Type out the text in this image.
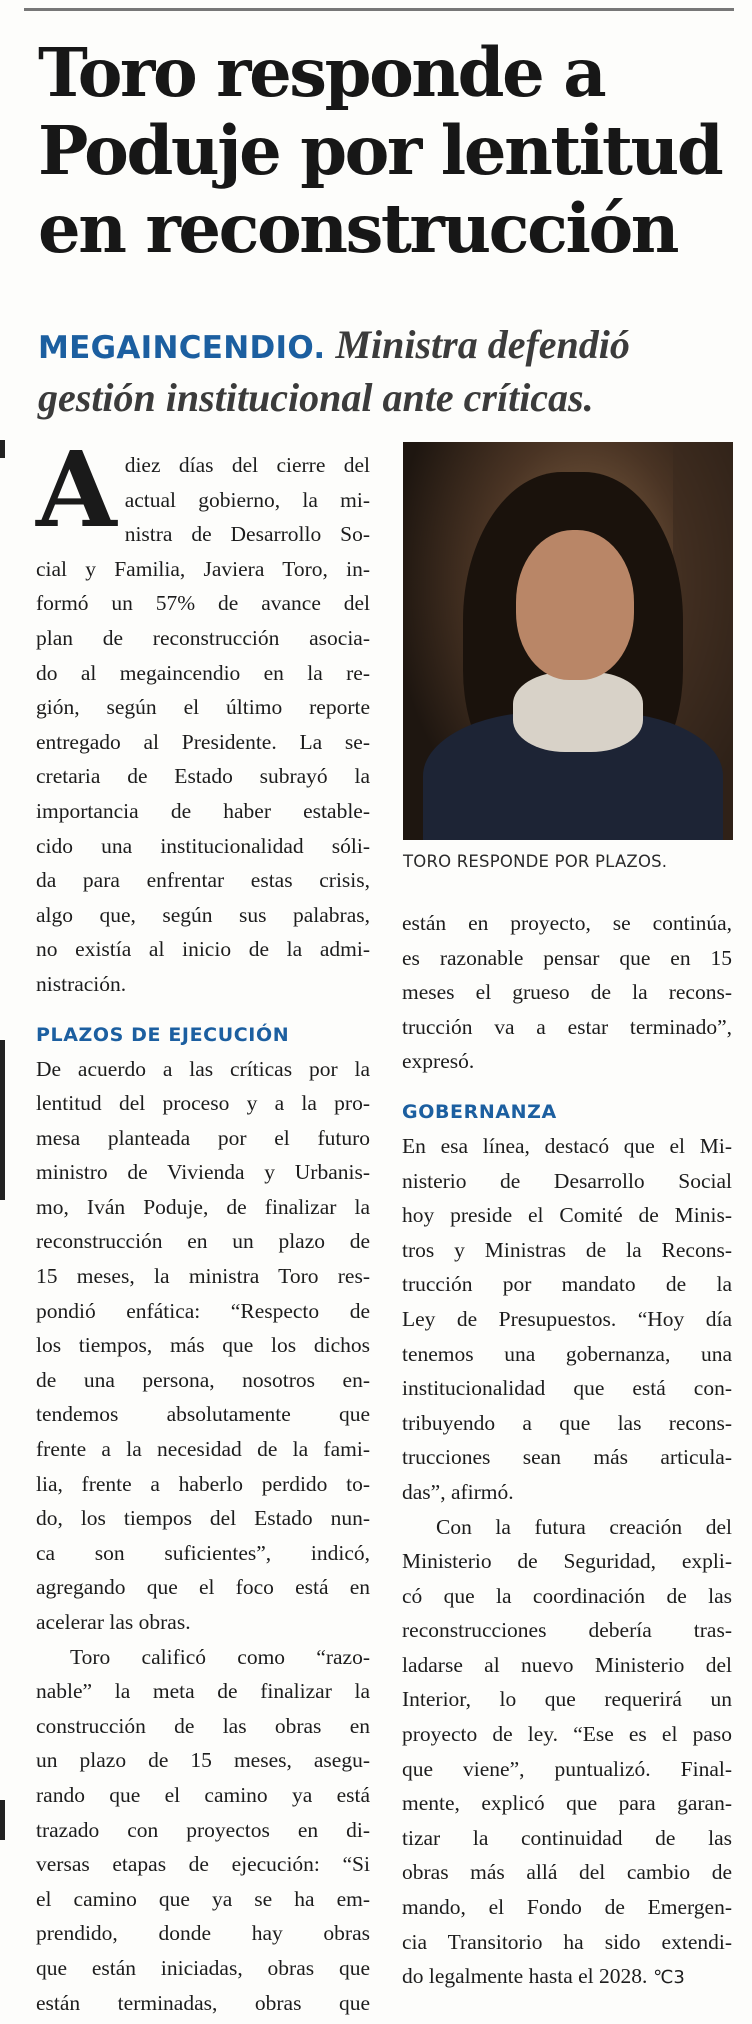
Toro responde a
Poduje por lentitud
en reconstrucción
MEGAINCENDIO. Ministra defendió
gestión institucional ante críticas.
A diez días del cierre del
actual gobierno, la mi-
nistra de Desarrollo So-
cial y Familia, Javiera Toro, in-
formó un 57% de avance del
plan de reconstrucción asocia-
do al megaincendio en la re-
gión, según el último reporte
entregado al Presidente. La se-
cretaria de Estado subrayó la
importancia de haber estable-
cido una institucionalidad sóli-
da para enfrentar estas crisis,
algo que, según sus palabras,
no existía al inicio de la admi-
nistración.
PLAZOS DE EJECUCIÓN
De acuerdo a las críticas por la
lentitud del proceso y a la pro-
mesa planteada por el futuro
ministro de Vivienda y Urbanis-
mo, Iván Poduje, de finalizar la
reconstrucción en un plazo de
15 meses, la ministra Toro res-
pondió enfática: “Respecto de
los tiempos, más que los dichos
de una persona, nosotros en-
tendemos absolutamente que
frente a la necesidad de la fami-
lia, frente a haberlo perdido to-
do, los tiempos del Estado nun-
ca son suficientes”, indicó,
agregando que el foco está en
acelerar las obras.
Toro calificó como “razo-
nable” la meta de finalizar la
construcción de las obras en
un plazo de 15 meses, asegu-
rando que el camino ya está
trazado con proyectos en di-
versas etapas de ejecución: “Si
el camino que ya se ha em-
prendido, donde hay obras
que están iniciadas, obras que
están terminadas, obras que
TORO RESPONDE POR PLAZOS.
están en proyecto, se continúa,
es razonable pensar que en 15
meses el grueso de la recons-
trucción va a estar terminado”,
expresó.
GOBERNANZA
En esa línea, destacó que el Mi-
nisterio de Desarrollo Social
hoy preside el Comité de Minis-
tros y Ministras de la Recons-
trucción por mandato de la
Ley de Presupuestos. “Hoy día
tenemos una gobernanza, una
institucionalidad que está con-
tribuyendo a que las recons-
trucciones sean más articula-
das”, afirmó.
Con la futura creación del
Ministerio de Seguridad, expli-
có que la coordinación de las
reconstrucciones debería tras-
ladarse al nuevo Ministerio del
Interior, lo que requerirá un
proyecto de ley. “Ese es el paso
que viene”, puntualizó. Final-
mente, explicó que para garan-
tizar la continuidad de las
obras más allá del cambio de
mando, el Fondo de Emergen-
cia Transitorio ha sido extendi-
do legalmente hasta el 2028. ℃3
